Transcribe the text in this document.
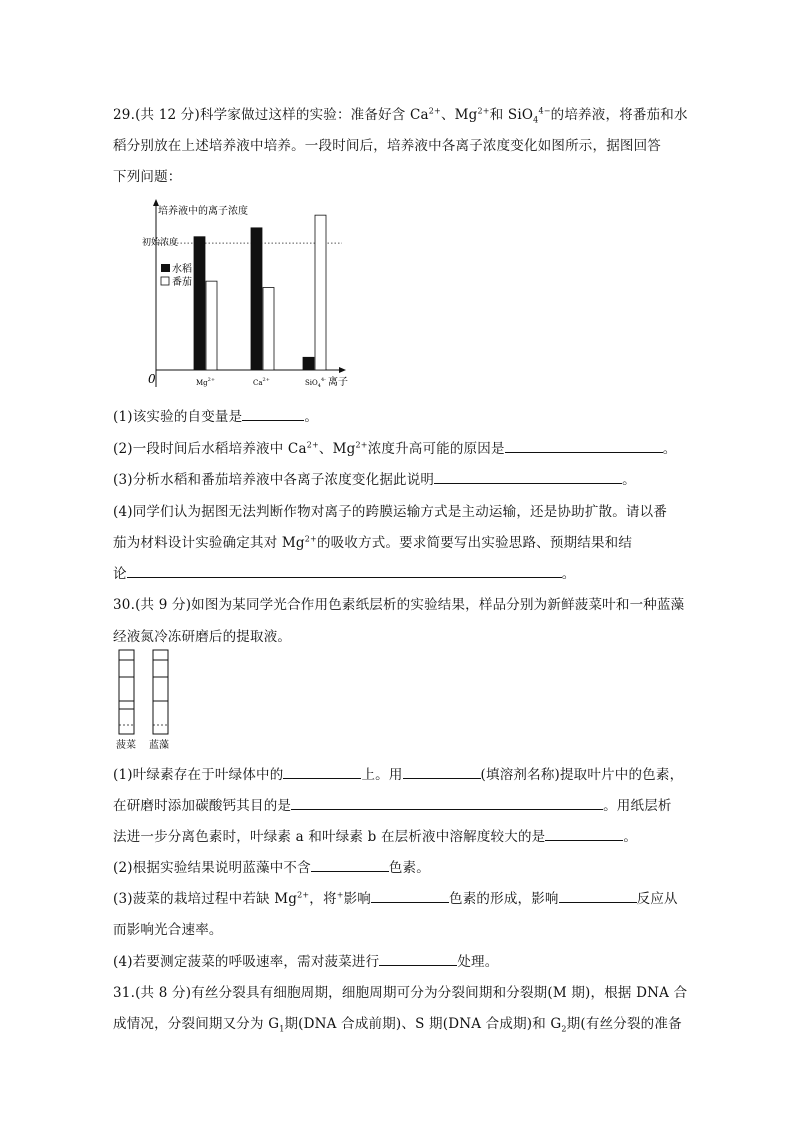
29.(共 12 分)科学家做过这样的实验：准备好含 $Ca^{2+}$、$Mg^{2+}$和 SiO$_4^{4-}$的培养液，将番茄和水
稻分别放在上述培养液中培养。一段时间后，培养液中各离子浓度变化如图所示，据图回答
下列问题：
培养液中的离子浓度
离子
0
初始浓度
水稻
番茄
$Mg^{2+}$	$Ca^{2+}$	SiO$_4^{4-}$
(1)该实验的自变量是	。
(2)一段时间后水稻培养液中 $Ca^{2+}$、$Mg^{2+}$浓度升高可能的原因是	。
(3)分析水稻和番茄培养液中各离子浓度变化据此说明	。
(4)同学们认为据图无法判断作物对离子的跨膜运输方式是主动运输，还是协助扩散。请以番
茄为材料设计实验确定其对 $Mg^{2+}$的吸收方式。要求简要写出实验思路、预期结果和结
论	。
30.(共 9 分)如图为某同学光合作用色素纸层析的实验结果，样品分别为新鲜菠菜叶和一种蓝藻
经液氮冷冻研磨后的提取液。
菠菜 蓝藻
(1)叶绿素存在于叶绿体中的	上。用	(填溶剂名称)提取叶片中的色素，
在研磨时添加碳酸钙其目的是	。用纸层析
法进一步分离色素时，叶绿素 a 和叶绿素 b 在层析液中溶解度较大的是	。
(2)根据实验结果说明蓝藻中不含	色素。
(3)菠菜的栽培过程中若缺 $Mg^{2+}$，将+影响	色素的形成，影响	反应从
而影响光合速率。
(4)若要测定菠菜的呼吸速率，需对菠菜进行	处理。
31.(共 8 分)有丝分裂具有细胞周期，细胞周期可分为分裂间期和分裂期(M 期)，根据 DNA 合
成情况，分裂间期又分为 $G_1$期(DNA 合成前期)、S 期(DNA 合成期)和 $G_2$期(有丝分裂的准备
